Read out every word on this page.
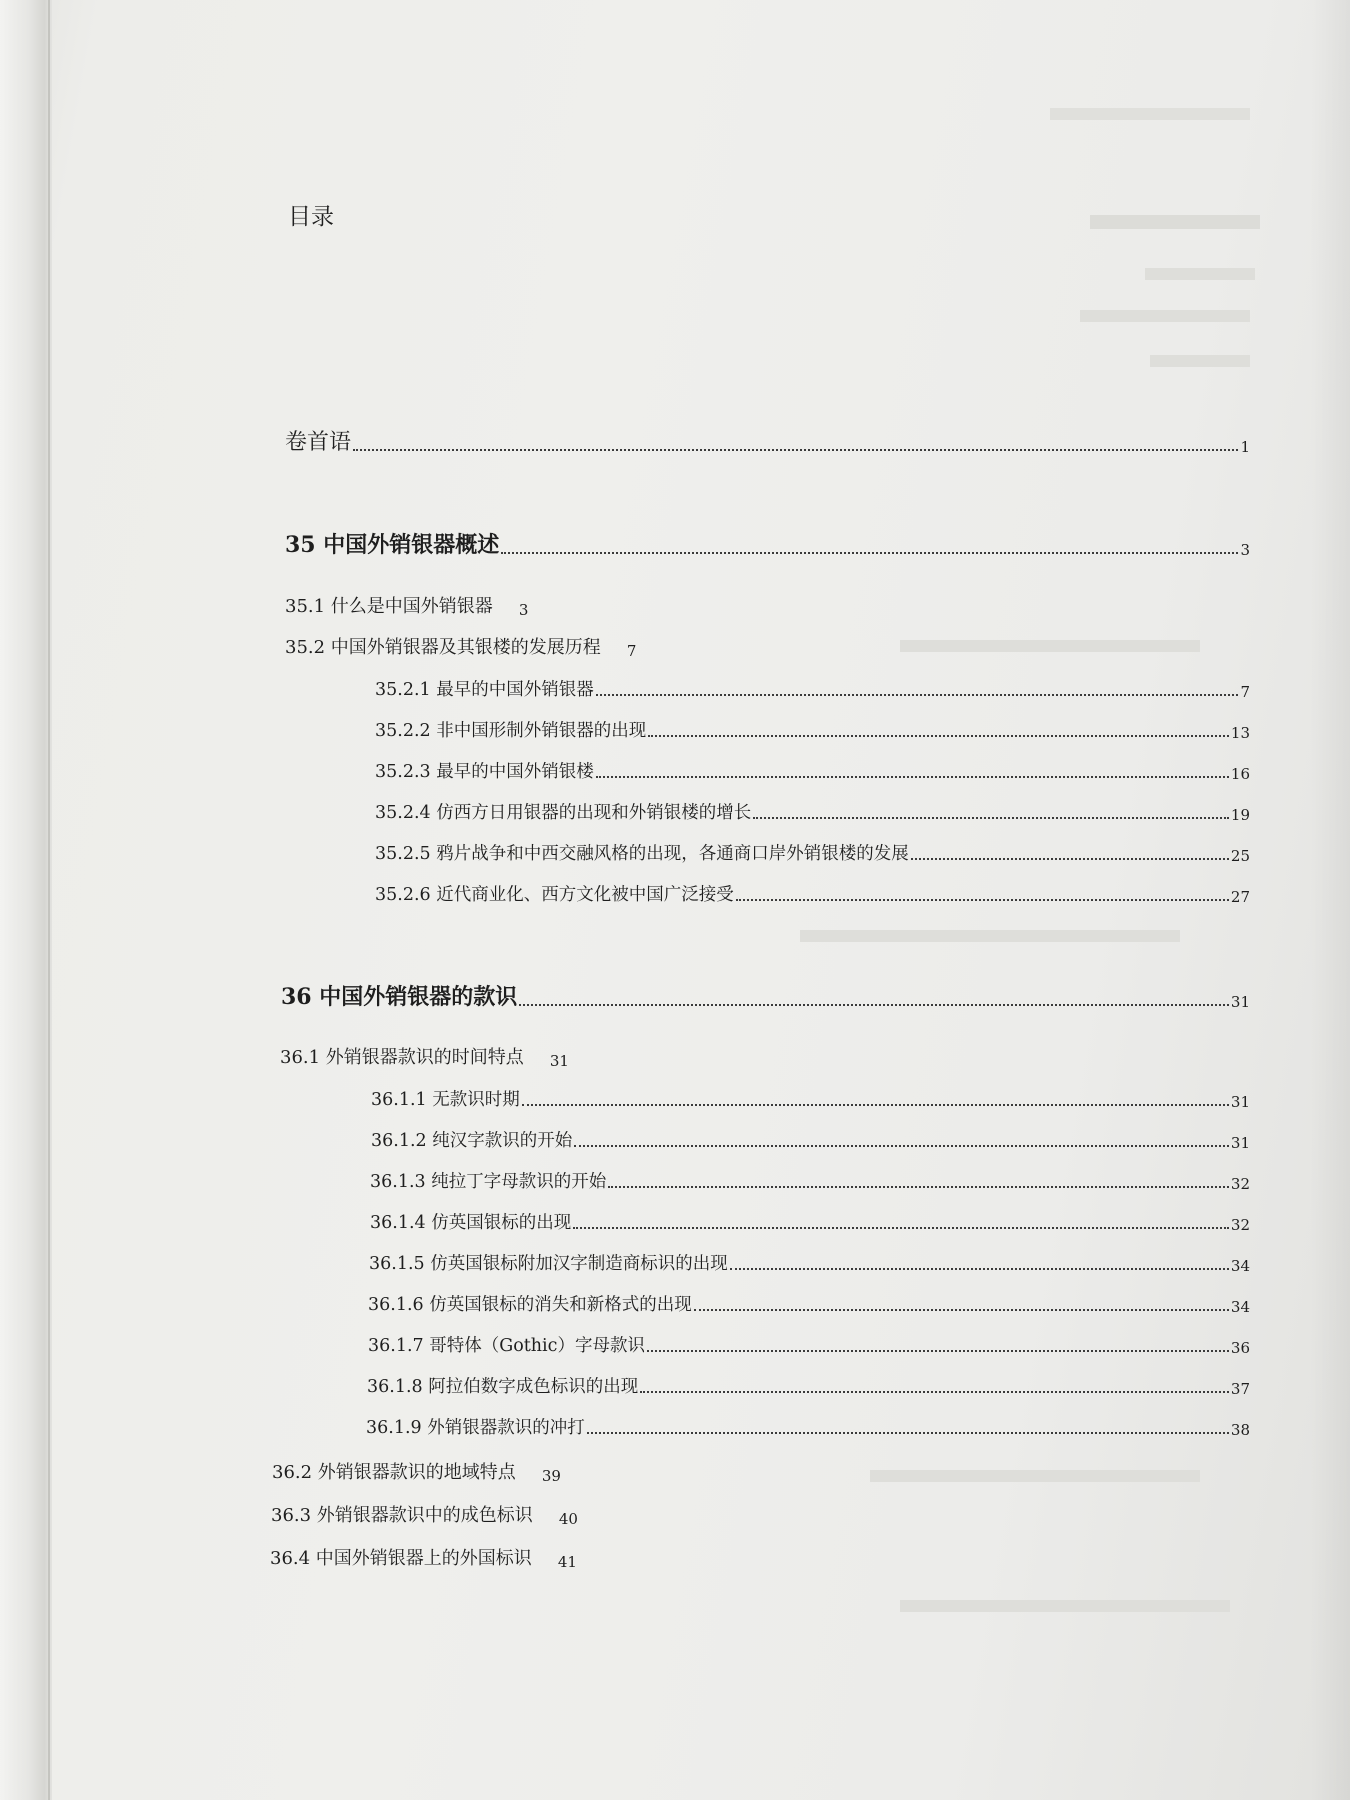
目录
卷首语	1
35 中国外销银器概述	3
35.1 什么是中国外销银器 3
35.2 中国外销银器及其银楼的发展历程 7
35.2.1 最早的中国外销银器	7
35.2.2 非中国形制外销银器的出现	13
35.2.3 最早的中国外销银楼	16
35.2.4 仿西方日用银器的出现和外销银楼的增长	19
35.2.5 鸦片战争和中西交融风格的出现，各通商口岸外销银楼的发展	25
35.2.6 近代商业化、西方文化被中国广泛接受	27
36 中国外销银器的款识	31
36.1 外销银器款识的时间特点 31
36.1.1 无款识时期	31
36.1.2 纯汉字款识的开始	31
36.1.3 纯拉丁字母款识的开始	32
36.1.4 仿英国银标的出现	32
36.1.5 仿英国银标附加汉字制造商标识的出现	34
36.1.6 仿英国银标的消失和新格式的出现	34
36.1.7 哥特体（Gothic）字母款识	36
36.1.8 阿拉伯数字成色标识的出现	37
36.1.9 外销银器款识的冲打	38
36.2 外销银器款识的地域特点 39
36.3 外销银器款识中的成色标识 40
36.4 中国外销银器上的外国标识 41
